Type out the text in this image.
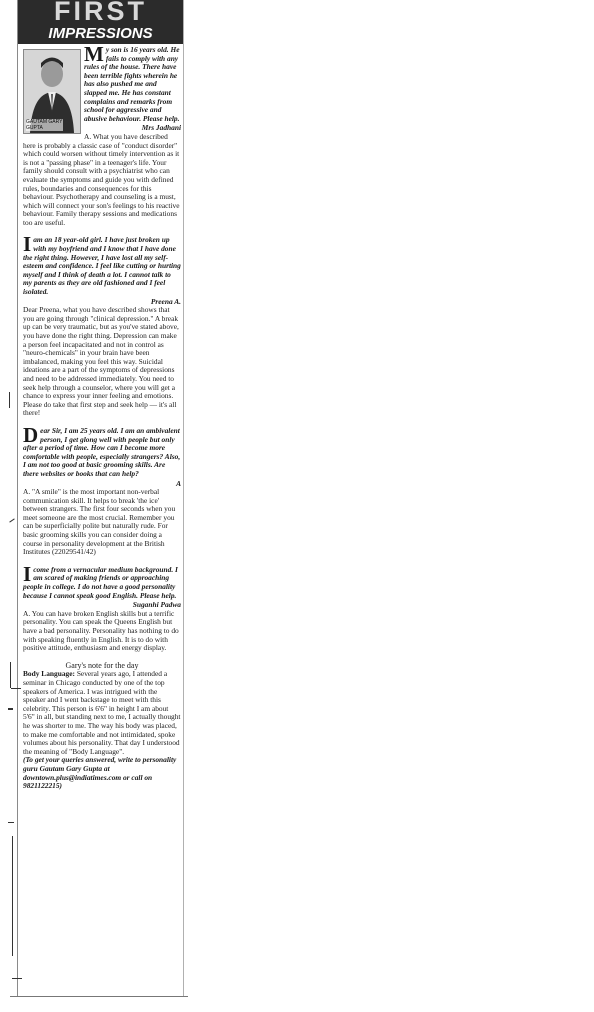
FIRST
IMPRESSIONS
GAUTAM GARY
GUPTA

My son is 16 years old. He fails to comply with any rules of the house. There have been terrible fights wherein he has also pushed me and slapped me. He has constant complains and remarks from school for aggressive and abusive behaviour. Please help.

Mrs Jadhani

A. What you have described here is probably a classic case of "conduct disorder" which could worsen without timely intervention as it is not a "passing phase" in a teenager's life. Your family should consult with a psychiatrist who can evaluate the symptoms and guide you with defined rules, boundaries and consequences for this behaviour. Psychotherapy and counseling is a must, which will connect your son's feelings to his reactive behaviour. Family therapy sessions and medications too are useful.

Iam an 18 year-old girl. I have just broken up with my boyfriend and I know that I have done the right thing. However, I have lost all my self-esteem and confidence. I feel like cutting or hurting myself and I think of death a lot. I cannot talk to my parents as they are old fashioned and I feel isolated.

Preena A.

Dear Preena, what you have described shows that you are going through "clinical depression." A break up can be very traumatic, but as you've stated above, you have done the right thing. Depression can make a person feel incapacitated and not in control as "neuro-chemicals" in your brain have been imbalanced, making you feel this way. Suicidal ideations are a part of the symptoms of depressions and need to be addressed immediately. You need to seek help through a counselor, where you will get a chance to express your inner feeling and emotions. Please do take that first step and seek help — it's all there!

Dear Sir, I am 25 years old. I am an ambivalent person, I get glong well with people but only after a period of time. How can I become more comfortable with people, especially strangers? Also, I am not too good at basic grooming skills. Are there websites or books that can help?

A

A. "A smile" is the most important non-verbal communication skill. It helps to break 'the ice' between strangers. The first four seconds when you meet someone are the most crucial. Remember you can be superficially polite but naturally rude. For basic grooming skills you can consider doing a course in personality development at the British Institutes (22029541/42)

Icome from a vernacular medium background. I am scared of making friends or approaching people in college. I do not have a good personality because I cannot speak good English. Please help.

Suganhi Padwa

A. You can have broken English skills but a terrific personality. You can speak the Queens English but have a bad personality. Personality has nothing to do with speaking fluently in English. It is to do with positive attitude, enthusiasm and energy display.

Gary's note for the day

Body Language: Several years ago, I attended a seminar in Chicago conducted by one of the top speakers of America. I was intrigued with the speaker and I went backstage to meet with this celebrity. This person is 6'6" in height I am about 5'6" in all, but standing next to me, I actually thought he was shorter to me. The way his body was placed, to make me comfortable and not intimidated, spoke volumes about his personality. That day I understood the meaning of "Body Language".

(To get your queries answered, write to personality guru Gautam Gary Gupta at downtown.plus@indiatimes.com or call on 9821122215)
